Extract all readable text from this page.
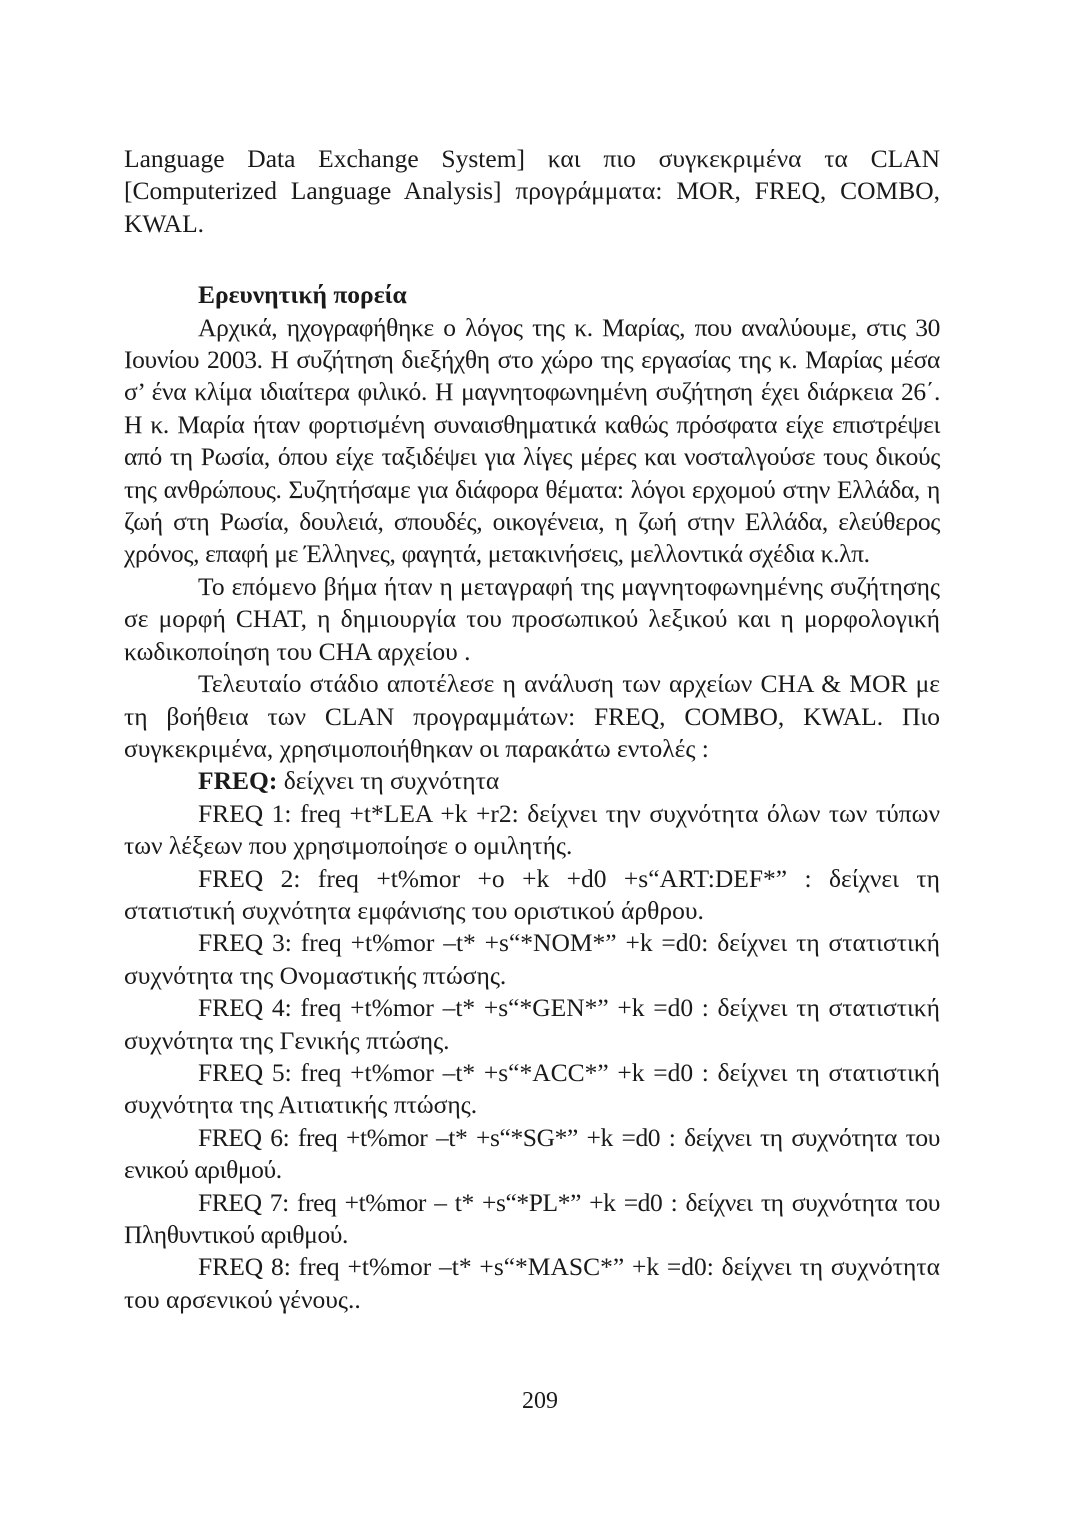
Language Data Exchange System] και πιο συγκεκριμένα τα CLAN [Computerized Language Analysis] προγράμματα: MOR, FREQ, COMBO, KWAL.

Ερευνητική πορεία

Αρχικά, ηχογραφήθηκε ο λόγος της κ. Μαρίας, που αναλύουμε, στις 30 Ιουνίου 2003. Η συζήτηση διεξήχθη στο χώρο της εργασίας της κ. Μαρίας μέσα σ’ ένα κλίμα ιδιαίτερα φιλικό. Η μαγνητοφωνημένη συζήτηση έχει διάρκεια 26΄. Η κ. Μαρία ήταν φορτισμένη συναισθηματικά καθώς πρόσφατα είχε επιστρέψει από τη Ρωσία, όπου είχε ταξιδέψει για λίγες μέρες και νοσταλγούσε τους δικούς της ανθρώπους. Συζητήσαμε για διάφορα θέματα: λόγοι ερχομού στην Ελλάδα, η ζωή στη Ρωσία, δουλειά, σπουδές, οικογένεια, η ζωή στην Ελλάδα, ελεύθερος χρόνος, επαφή με Έλληνες, φαγητά, μετακινήσεις, μελλοντικά σχέδια κ.λπ.

Το επόμενο βήμα ήταν η μεταγραφή της μαγνητοφωνημένης συζήτησης σε μορφή CHAT, η δημιουργία του προσωπικού λεξικού και η μορφολογική κωδικοποίηση του CHA αρχείου .

Τελευταίο στάδιο αποτέλεσε η ανάλυση των αρχείων CHA & MOR με τη βοήθεια των CLAN προγραμμάτων: FREQ, COMBO, KWAL. Πιο συγκεκριμένα, χρησιμοποιήθηκαν οι παρακάτω εντολές :

FREQ: δείχνει τη συχνότητα

FREQ 1: freq +t*LEA +k +r2: δείχνει την συχνότητα όλων των τύπων των λέξεων που χρησιμοποίησε ο ομιλητής.

FREQ 2: freq +t%mor +o +k +d0 +s“ART:DEF*” : δείχνει τη στατιστική συχνότητα εμφάνισης του οριστικού άρθρου.

FREQ 3: freq +t%mor –t* +s“*NOM*” +k =d0: δείχνει τη στατιστική συχνότητα της Ονομαστικής πτώσης.

FREQ 4: freq +t%mor –t* +s“*GEN*” +k =d0 : δείχνει τη στατιστική συχνότητα της Γενικής πτώσης.

FREQ 5: freq +t%mor –t* +s“*ACC*” +k =d0 : δείχνει τη στατιστική συχνότητα της Αιτιατικής πτώσης.

FREQ 6: freq +t%mor –t* +s“*SG*” +k =d0 : δείχνει τη συχνότητα του ενικού αριθμού.

FREQ 7: freq +t%mor – t* +s“*PL*” +k =d0 : δείχνει τη συχνότητα του Πληθυντικού αριθμού.

FREQ 8: freq +t%mor –t* +s“*MASC*” +k =d0: δείχνει τη συχνότητα του αρσενικού γένους..

209
